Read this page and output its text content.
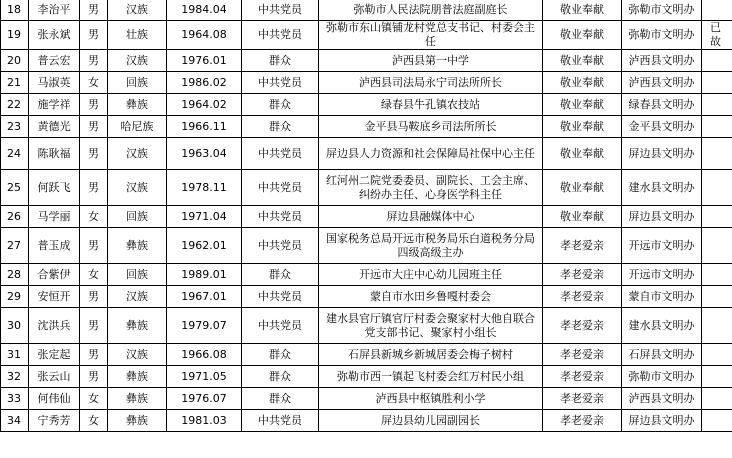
18	李治平	男	汉族	1984.04	中共党员	弥勒市人民法院朋普法庭副庭长	敬业奉献	弥勒市文明办	
19	张永斌	男	壮族	1964.08	中共党员	弥勒市东山镇铺龙村党总支书记、村委会主任	敬业奉献	弥勒市文明办	已故
20	普云宏	男	汉族	1976.01	群众	泸西县第一中学	敬业奉献	泸西县文明办	
21	马淑英	女	回族	1986.02	中共党员	泸西县司法局永宁司法所所长	敬业奉献	泸西县文明办	
22	施学祥	男	彝族	1964.02	群众	绿春县牛孔镇农技站	敬业奉献	绿春县文明办	
23	黄德光	男	哈尼族	1966.11	群众	金平县马鞍底乡司法所所长	敬业奉献	金平县文明办	
24	陈耿福	男	汉族	1963.04	中共党员	屏边县人力资源和社会保障局社保中心主任	敬业奉献	屏边县文明办	
25	何跃飞	男	汉族	1978.11	中共党员	红河州二院党委委员、副院长、工会主席、纠纷办主任、心身医学科主任	敬业奉献	建水县文明办	
26	马学丽	女	回族	1971.04	中共党员	屏边县融媒体中心	敬业奉献	屏边县文明办	
27	普玉成	男	彝族	1962.01	中共党员	国家税务总局开远市税务局乐白道税务分局四级高级主办	孝老爱亲	开远市文明办	
28	合紫伊	女	回族	1989.01	群众	开远市大庄中心幼儿园班主任	孝老爱亲	开远市文明办	
29	安恒开	男	汉族	1967.01	中共党员	蒙自市水田乡鲁嘎村委会	孝老爱亲	蒙自市文明办	
30	沈洪兵	男	彝族	1979.07	中共党员	建水县官厅镇官厅村委会聚家村大他自联合党支部书记、聚家村小组长	孝老爱亲	建水县文明办	
31	张定起	男	汉族	1966.08	群众	石屏县新城乡新城居委会梅子树村	孝老爱亲	石屏县文明办	
32	张云山	男	彝族	1971.05	群众	弥勒市西一镇起飞村委会红万村民小组	孝老爱亲	弥勒市文明办	
33	何伟仙	女	彝族	1976.07	群众	泸西县中枢镇胜利小学	孝老爱亲	泸西县文明办	
34	宁秀芳	女	彝族	1981.03	中共党员	屏边县幼儿园副园长	孝老爱亲	屏边县文明办	
